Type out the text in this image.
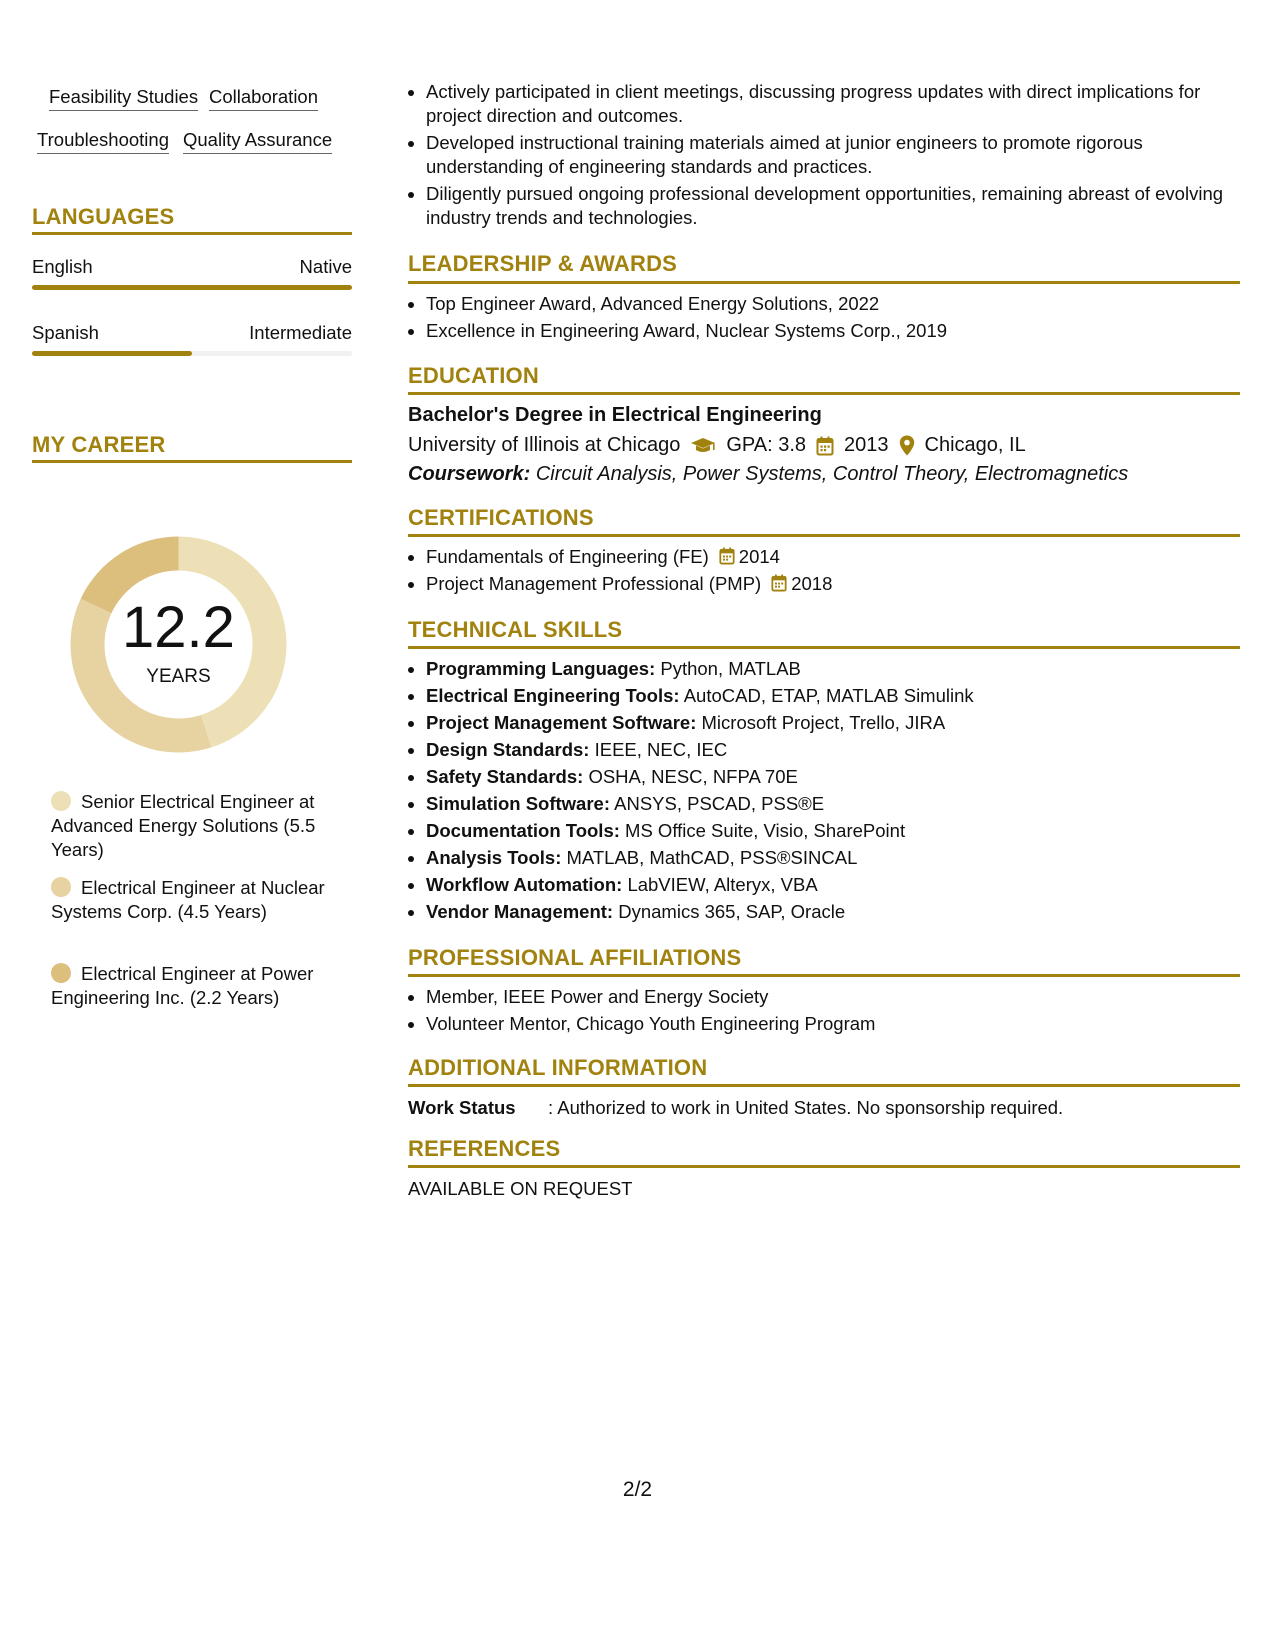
Feasibility Studies Collaboration
Troubleshooting Quality Assurance
LANGUAGES
English	Native
Spanish	Intermediate
MY CAREER
12.2
YEARS
Senior Electrical Engineer at Advanced Energy Solutions (5.5 Years)
Electrical Engineer at Nuclear Systems Corp. (4.5 Years)
Electrical Engineer at Power Engineering Inc. (2.2 Years)
Actively participated in client meetings, discussing progress updates with direct implications for project direction and outcomes.
Developed instructional training materials aimed at junior engineers to promote rigorous understanding of engineering standards and practices.
Diligently pursued ongoing professional development opportunities, remaining abreast of evolving industry trends and technologies.
LEADERSHIP & AWARDS
Top Engineer Award, Advanced Energy Solutions, 2022
Excellence in Engineering Award, Nuclear Systems Corp., 2019
EDUCATION
Bachelor's Degree in Electrical Engineering
University of Illinois at Chicago GPA: 3.8 2013 Chicago, IL
Coursework: Circuit Analysis, Power Systems, Control Theory, Electromagnetics
CERTIFICATIONS
Fundamentals of Engineering (FE) 2014
Project Management Professional (PMP) 2018
TECHNICAL SKILLS
Programming Languages: Python, MATLAB
Electrical Engineering Tools: AutoCAD, ETAP, MATLAB Simulink
Project Management Software: Microsoft Project, Trello, JIRA
Design Standards: IEEE, NEC, IEC
Safety Standards: OSHA, NESC, NFPA 70E
Simulation Software: ANSYS, PSCAD, PSS®E
Documentation Tools: MS Office Suite, Visio, SharePoint
Analysis Tools: MATLAB, MathCAD, PSS®SINCAL
Workflow Automation: LabVIEW, Alteryx, VBA
Vendor Management: Dynamics 365, SAP, Oracle
PROFESSIONAL AFFILIATIONS
Member, IEEE Power and Energy Society
Volunteer Mentor, Chicago Youth Engineering Program
ADDITIONAL INFORMATION
Work Status : Authorized to work in United States. No sponsorship required.
REFERENCES
AVAILABLE ON REQUEST
2/2
